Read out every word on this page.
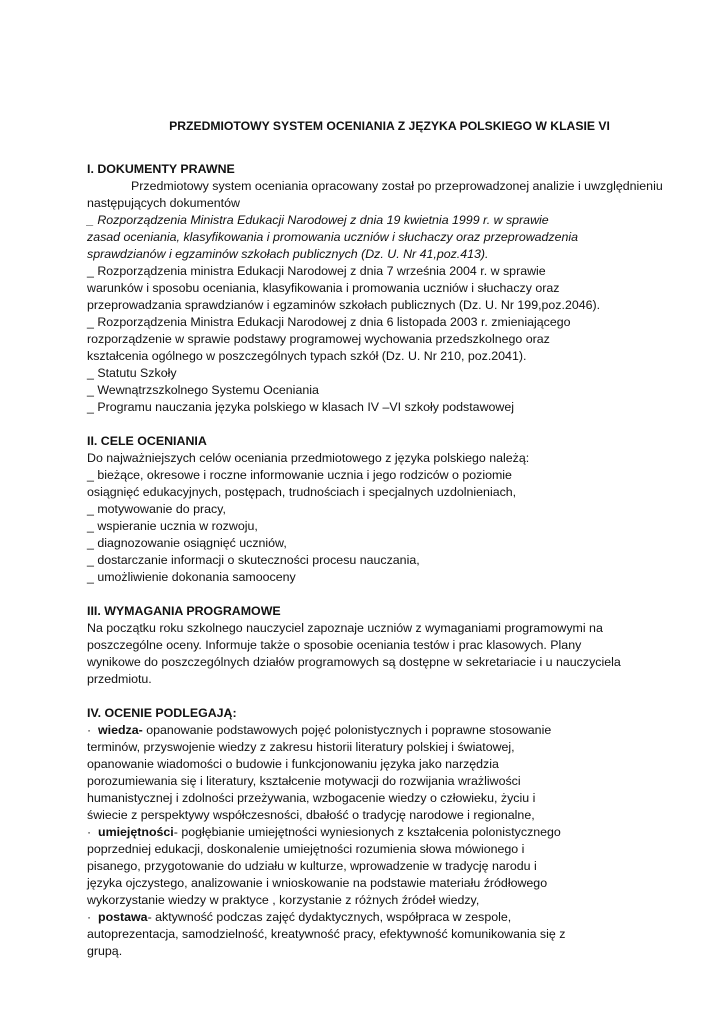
PRZEDMIOTOWY SYSTEM OCENIANIA Z JĘZYKA POLSKIEGO W KLASIE VI
I. DOKUMENTY PRAWNE

Przedmiotowy system oceniania opracowany został po przeprowadzonej analizie i uwzględnieniu następujących dokumentów

_ Rozporządzenia Ministra Edukacji Narodowej z dnia 19 kwietnia 1999 r. w sprawie
zasad oceniania, klasyfikowania i promowania uczniów i słuchaczy oraz przeprowadzenia
sprawdzianów i egzaminów szkołach publicznych (Dz. U. Nr 41,poz.413).
_ Rozporządzenia ministra Edukacji Narodowej z dnia 7 września 2004 r. w sprawie
warunków i sposobu oceniania, klasyfikowania i promowania uczniów i słuchaczy oraz
przeprowadzania sprawdzianów i egzaminów szkołach publicznych (Dz. U. Nr 199,poz.2046).
_ Rozporządzenia Ministra Edukacji Narodowej z dnia 6 listopada 2003 r. zmieniającego
rozporządzenie w sprawie podstawy programowej wychowania przedszkolnego oraz
kształcenia ogólnego w poszczególnych typach szkół (Dz. U. Nr 210, poz.2041).
_ Statutu Szkoły
_ Wewnątrzszkolnego Systemu Oceniania
_ Programu nauczania języka polskiego w klasach IV –VI szkoły podstawowej
II. CELE OCENIANIA
Do najważniejszych celów oceniania przedmiotowego z języka polskiego należą:
_ bieżące, okresowe i roczne informowanie ucznia i jego rodziców o poziomie
osiągnięć edukacyjnych, postępach, trudnościach i specjalnych uzdolnieniach,
_ motywowanie do pracy,
_ wspieranie ucznia w rozwoju,
_ diagnozowanie osiągnięć uczniów,
_ dostarczanie informacji o skuteczności procesu nauczania,
_ umożliwienie dokonania samooceny
III. WYMAGANIA PROGRAMOWE
Na początku roku szkolnego nauczyciel zapoznaje uczniów z wymaganiami programowymi na
poszczególne oceny. Informuje także o sposobie oceniania testów i prac klasowych. Plany
wynikowe do poszczególnych działów programowych są dostępne w sekretariacie i u nauczyciela
przedmiotu.
IV. OCENIE PODLEGAJĄ:
· wiedza- opanowanie podstawowych pojęć polonistycznych i poprawne stosowanie
terminów, przyswojenie wiedzy z zakresu historii literatury polskiej i światowej,
opanowanie wiadomości o budowie i funkcjonowaniu języka jako narzędzia
porozumiewania się i literatury, kształcenie motywacji do rozwijania wrażliwości
humanistycznej i zdolności przeżywania, wzbogacenie wiedzy o człowieku, życiu i
świecie z perspektywy współczesności, dbałość o tradycję narodowe i regionalne,
· umiejętności- pogłębianie umiejętności wyniesionych z kształcenia polonistycznego
poprzedniej edukacji, doskonalenie umiejętności rozumienia słowa mówionego i
pisanego, przygotowanie do udziału w kulturze, wprowadzenie w tradycję narodu i
języka ojczystego, analizowanie i wnioskowanie na podstawie materiału źródłowego
wykorzystanie wiedzy w praktyce , korzystanie z różnych źródeł wiedzy,
· postawa- aktywność podczas zajęć dydaktycznych, współpraca w zespole,
autoprezentacja, samodzielność, kreatywność pracy, efektywność komunikowania się z
grupą.
